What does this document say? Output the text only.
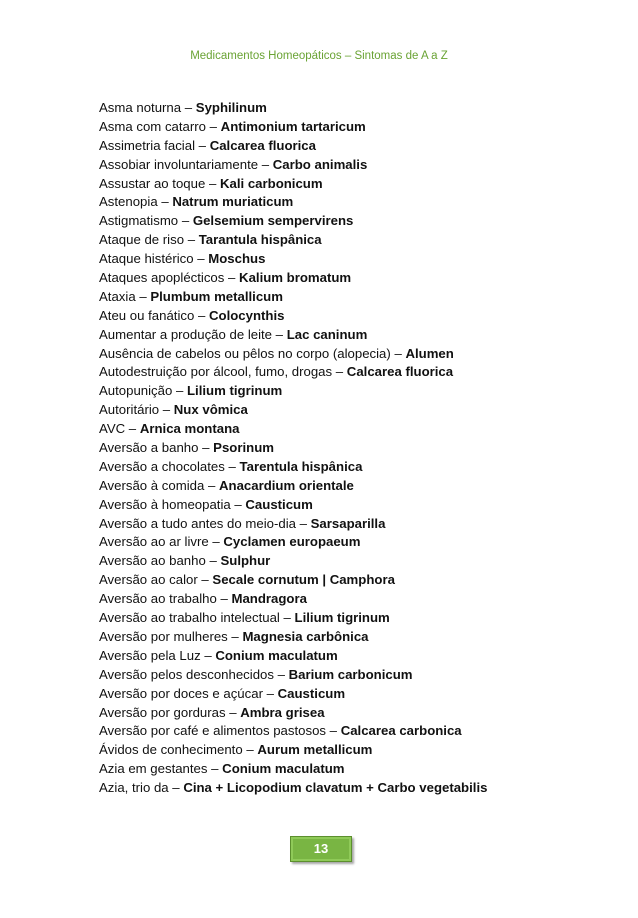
Medicamentos Homeopáticos – Sintomas de A a Z
Asma noturna – Syphilinum
Asma com catarro – Antimonium tartaricum
Assimetria facial – Calcarea fluorica
Assobiar involuntariamente – Carbo animalis
Assustar ao toque – Kali carbonicum
Astenopia – Natrum muriaticum
Astigmatismo – Gelsemium sempervirens
Ataque de riso – Tarantula hispânica
Ataque histérico – Moschus
Ataques apoplécticos – Kalium bromatum
Ataxia – Plumbum metallicum
Ateu ou fanático – Colocynthis
Aumentar a produção de leite – Lac caninum
Ausência de cabelos ou pêlos no corpo (alopecia) – Alumen
Autodestruição por álcool, fumo, drogas – Calcarea fluorica
Autopunição – Lilium tigrinum
Autoritário – Nux vômica
AVC – Arnica montana
Aversão a banho – Psorinum
Aversão a chocolates – Tarentula hispânica
Aversão à comida – Anacardium orientale
Aversão à homeopatia – Causticum
Aversão a tudo antes do meio-dia – Sarsaparilla
Aversão ao ar livre – Cyclamen europaeum
Aversão ao banho – Sulphur
Aversão ao calor – Secale cornutum | Camphora
Aversão ao trabalho – Mandragora
Aversão ao trabalho intelectual – Lilium tigrinum
Aversão por mulheres – Magnesia carbônica
Aversão pela Luz – Conium maculatum
Aversão pelos desconhecidos – Barium carbonicum
Aversão por doces e açúcar – Causticum
Aversão por gorduras – Ambra grisea
Aversão por café e alimentos pastosos – Calcarea carbonica
Ávidos de conhecimento – Aurum metallicum
Azia em gestantes – Conium maculatum
Azia, trio da – Cina + Licopodium clavatum + Carbo vegetabilis
13
